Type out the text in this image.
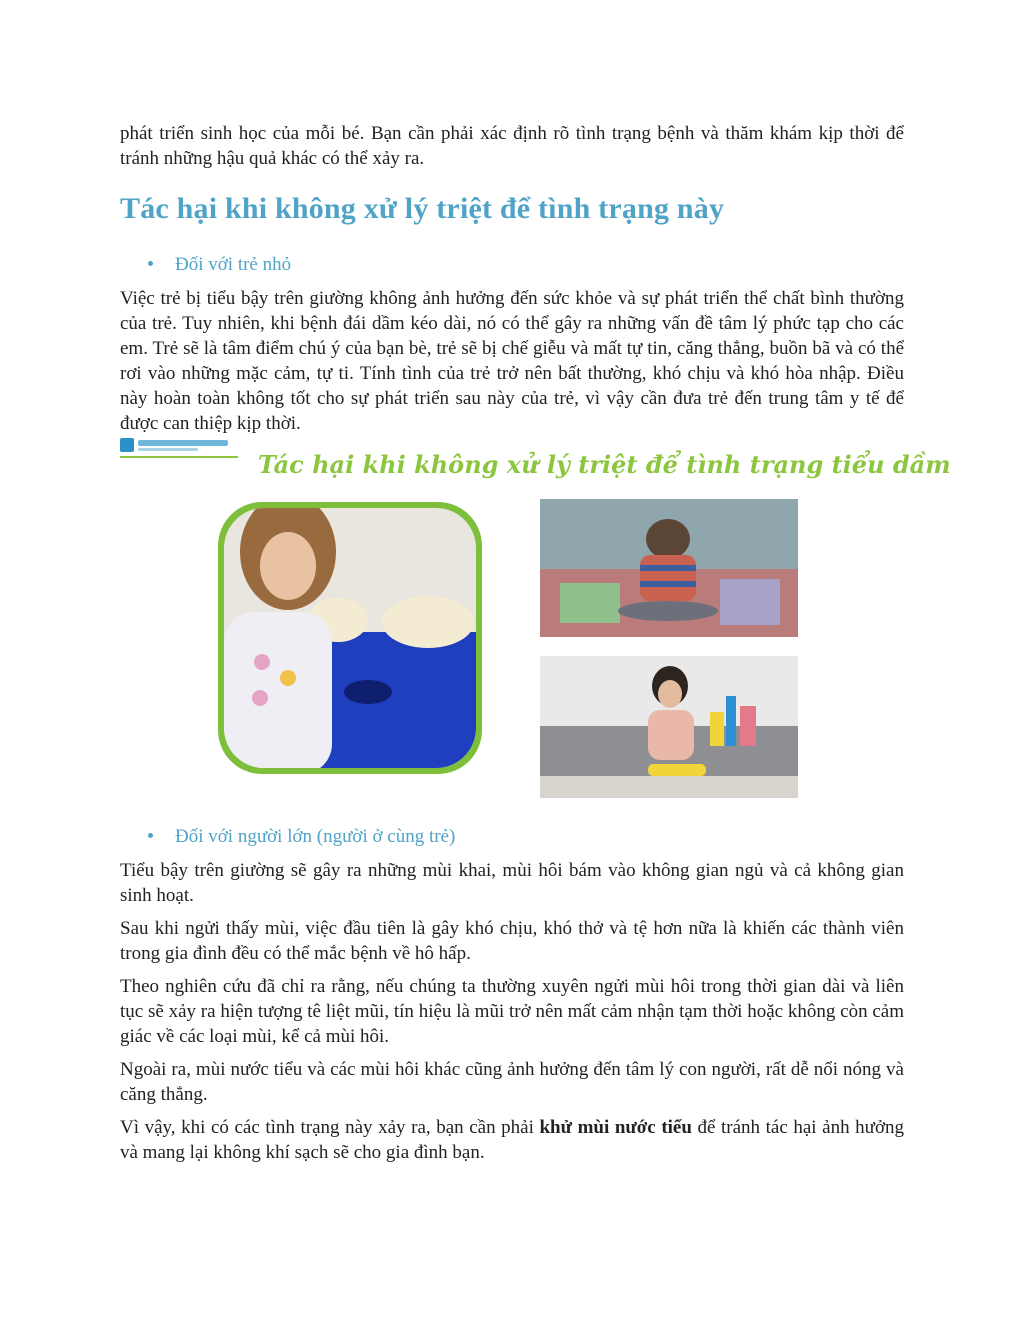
phát triển sinh học của mỗi bé. Bạn cần phải xác định rõ tình trạng bệnh và thăm khám kịp thời để tránh những hậu quả khác có thể xảy ra.

Tác hại khi không xử lý triệt để tình trạng này
Đối với trẻ nhỏ

Việc trẻ bị tiểu bậy trên giường không ảnh hưởng đến sức khỏe và sự phát triển thể chất bình thường của trẻ. Tuy nhiên, khi bệnh đái dầm kéo dài, nó có thể gây ra những vấn đề tâm lý phức tạp cho các em. Trẻ sẽ là tâm điểm chú ý của bạn bè, trẻ sẽ bị chế giễu và mất tự tin, căng thẳng, buồn bã và có thể rơi vào những mặc cảm, tự ti. Tính tình của trẻ trở nên bất thường, khó chịu và khó hòa nhập. Điều này hoàn toàn không tốt cho sự phát triển sau này của trẻ, vì vậy cần đưa trẻ đến trung tâm y tế để được can thiệp kịp thời.

Đối với người lớn (người ở cùng trẻ)

Tiểu bậy trên giường sẽ gây ra những mùi khai, mùi hôi bám vào không gian ngủ và cả không gian sinh hoạt.

Sau khi ngửi thấy mùi, việc đầu tiên là gây khó chịu, khó thở và tệ hơn nữa là khiến các thành viên trong gia đình đều có thể mắc bệnh về hô hấp.

Theo nghiên cứu đã chỉ ra rằng, nếu chúng ta thường xuyên ngửi mùi hôi trong thời gian dài và liên tục sẽ xảy ra hiện tượng tê liệt mũi, tín hiệu là mũi trở nên mất cảm nhận tạm thời hoặc không còn cảm giác về các loại mùi, kể cả mùi hôi.

Ngoài ra, mùi nước tiểu và các mùi hôi khác cũng ảnh hưởng đến tâm lý con người, rất dễ nổi nóng và căng thẳng.

Vì vậy, khi có các tình trạng này xảy ra, bạn cần phải khử mùi nước tiểu để tránh tác hại ảnh hưởng và mang lại không khí sạch sẽ cho gia đình bạn.

Tác hại khi không xử lý triệt để tình trạng tiểu dầm
